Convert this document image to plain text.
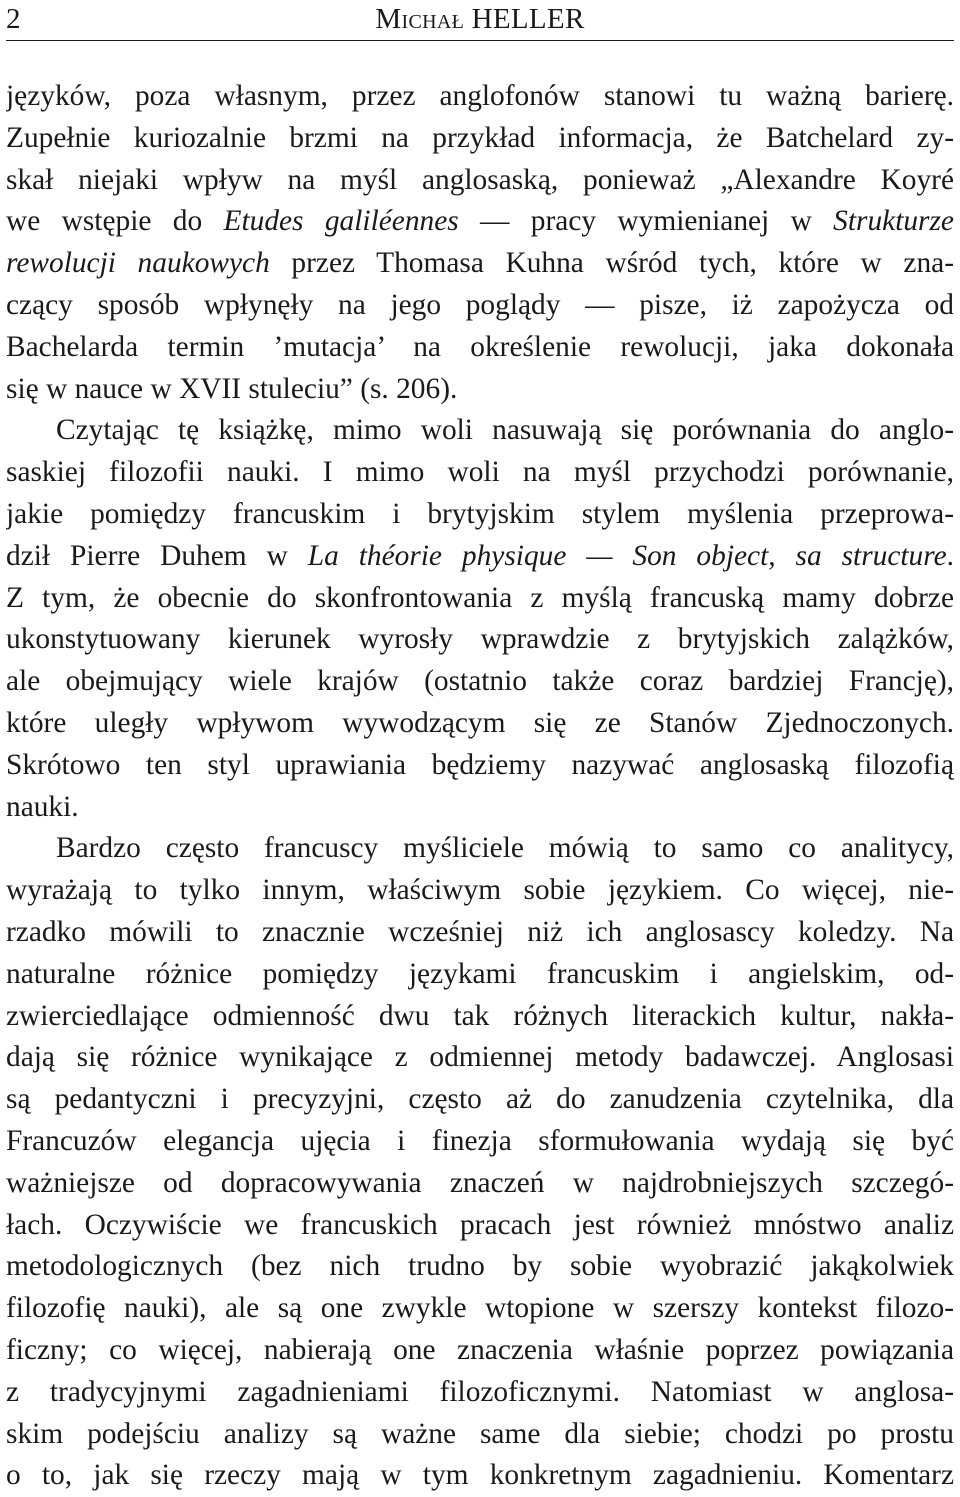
2	Michał HELLER

języków, poza własnym, przez anglofonów stanowi tu ważną barierę.
Zupełnie kuriozalnie brzmi na przykład informacja, że Batchelard zy-
skał niejaki wpływ na myśl anglosaską, ponieważ „Alexandre Koyré
we wstępie do Etudes galiléennes — pracy wymienianej w Strukturze
rewolucji naukowych przez Thomasa Kuhna wśród tych, które w zna-
czący sposób wpłynęły na jego poglądy — pisze, iż zapożycza od
Bachelarda termin ’mutacja’ na określenie rewolucji, jaka dokonała
się w nauce w XVII stuleciu” (s. 206).

Czytając tę książkę, mimo woli nasuwają się porównania do anglo-
saskiej filozofii nauki. I mimo woli na myśl przychodzi porównanie,
jakie pomiędzy francuskim i brytyjskim stylem myślenia przeprowa-
dził Pierre Duhem w La théorie physique — Son object, sa structure.
Z tym, że obecnie do skonfrontowania z myślą francuską mamy dobrze
ukonstytuowany kierunek wyrosły wprawdzie z brytyjskich zalążków,
ale obejmujący wiele krajów (ostatnio także coraz bardziej Francję),
które uległy wpływom wywodzącym się ze Stanów Zjednoczonych.
Skrótowo ten styl uprawiania będziemy nazywać anglosaską filozofią
nauki.

Bardzo często francuscy myśliciele mówią to samo co analitycy,
wyrażają to tylko innym, właściwym sobie językiem. Co więcej, nie-
rzadko mówili to znacznie wcześniej niż ich anglosascy koledzy. Na
naturalne różnice pomiędzy językami francuskim i angielskim, od-
zwierciedlające odmienność dwu tak różnych literackich kultur, nakła-
dają się różnice wynikające z odmiennej metody badawczej. Anglosasi
są pedantyczni i precyzyjni, często aż do zanudzenia czytelnika, dla
Francuzów elegancja ujęcia i finezja sformułowania wydają się być
ważniejsze od dopracowywania znaczeń w najdrobniejszych szczegó-
łach. Oczywiście we francuskich pracach jest również mnóstwo analiz
metodologicznych (bez nich trudno by sobie wyobrazić jakąkolwiek
filozofię nauki), ale są one zwykle wtopione w szerszy kontekst filozo-
ficzny; co więcej, nabierają one znaczenia właśnie poprzez powiązania
z tradycyjnymi zagadnieniami filozoficznymi. Natomiast w anglosa-
skim podejściu analizy są ważne same dla siebie; chodzi po prostu
o to, jak się rzeczy mają w tym konkretnym zagadnieniu. Komentarz
